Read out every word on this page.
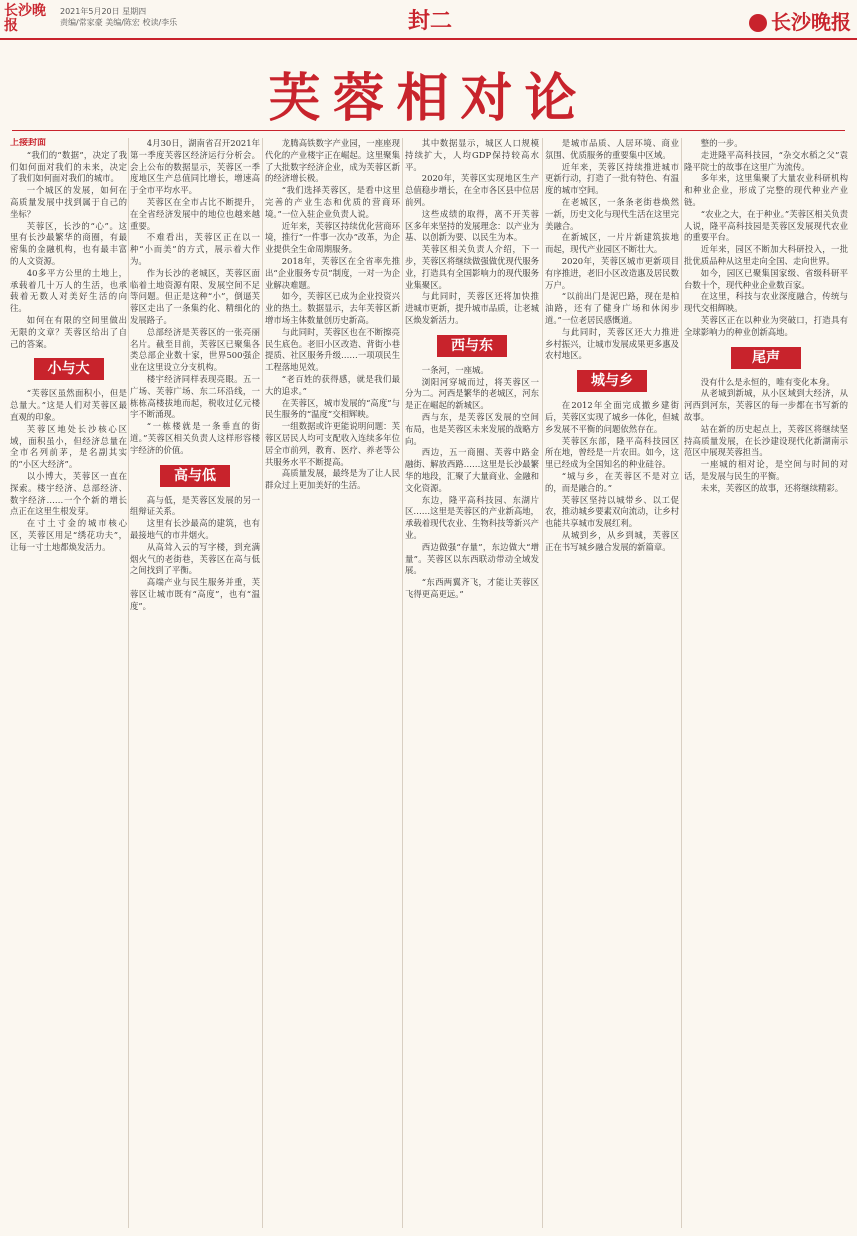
长沙晚报
2021年5月20日 星期四
责编/常家豪 美编/陈宏 校读/李乐	封二	长沙晚报
芙蓉相对论
上接封面

“我们的“数据”，决定了我们如何面对我们的未来，决定了我们如何面对我们的城市。

一个城区的发展，如何在高质量发展中找到属于自己的坐标？

芙蓉区，长沙的“心”。这里有长沙最繁华的商圈，有最密集的金融机构，也有最丰富的人文资源。

40多平方公里的土地上，承载着几十万人的生活，也承载着无数人对美好生活的向往。

如何在有限的空间里做出无限的文章？芙蓉区给出了自己的答案。

小与大

“芙蓉区虽然面积小，但是总量大。”这是人们对芙蓉区最直观的印象。

芙蓉区地处长沙核心区域，面积虽小，但经济总量在全市名列前茅，是名副其实的“小区大经济”。

以小博大，芙蓉区一直在探索。楼宇经济、总部经济、数字经济……一个个新的增长点正在这里生根发芽。

在寸土寸金的城市核心区，芙蓉区用足“绣花功夫”，让每一寸土地都焕发活力。

4月30日，湖南省召开2021年第一季度芙蓉区经济运行分析会。会上公布的数据显示，芙蓉区一季度地区生产总值同比增长，增速高于全市平均水平。

芙蓉区在全市占比不断提升，在全省经济发展中的地位也越来越重要。

不难看出，芙蓉区正在以一种“小而美”的方式，展示着大作为。

作为长沙的老城区，芙蓉区面临着土地资源有限、发展空间不足等问题。但正是这种“小”，倒逼芙蓉区走出了一条集约化、精细化的发展路子。

总部经济是芙蓉区的一张亮丽名片。截至目前，芙蓉区已聚集各类总部企业数十家，世界500强企业在这里设立分支机构。

楼宇经济同样表现亮眼。五一广场、芙蓉广场、东二环沿线，一栋栋高楼拔地而起，税收过亿元楼宇不断涌现。

“一栋楼就是一条垂直的街道。”芙蓉区相关负责人这样形容楼宇经济的价值。

高与低

高与低，是芙蓉区发展的另一组辩证关系。

这里有长沙最高的建筑，也有最接地气的市井烟火。

从高耸入云的写字楼，到充满烟火气的老街巷，芙蓉区在高与低之间找到了平衡。

高端产业与民生服务并重，芙蓉区让城市既有“高度”，也有“温度”。

龙腾高铁数字产业园，一座座现代化的产业楼宇正在崛起。这里聚集了大批数字经济企业，成为芙蓉区新的经济增长极。

“我们选择芙蓉区，是看中这里完善的产业生态和优质的营商环境。”一位入驻企业负责人说。

近年来，芙蓉区持续优化营商环境，推行“一件事一次办”改革，为企业提供全生命周期服务。

2018年，芙蓉区在全省率先推出“企业服务专员”制度，一对一为企业解决难题。

如今，芙蓉区已成为企业投资兴业的热土。数据显示，去年芙蓉区新增市场主体数量创历史新高。

与此同时，芙蓉区也在不断擦亮民生底色。老旧小区改造、背街小巷提质、社区服务升级……一项项民生工程落地见效。

“老百姓的获得感，就是我们最大的追求。”

在芙蓉区，城市发展的“高度”与民生服务的“温度”交相辉映。

一组数据或许更能说明问题：芙蓉区居民人均可支配收入连续多年位居全市前列，教育、医疗、养老等公共服务水平不断提高。

高质量发展，最终是为了让人民群众过上更加美好的生活。

其中数据显示，城区人口规模持续扩大，人均GDP保持较高水平。

2020年，芙蓉区实现地区生产总值稳步增长，在全市各区县中位居前列。

这些成绩的取得，离不开芙蓉区多年来坚持的发展理念：以产业为基、以创新为要、以民生为本。

芙蓉区相关负责人介绍，下一步，芙蓉区将继续做强做优现代服务业，打造具有全国影响力的现代服务业集聚区。

与此同时，芙蓉区还将加快推进城市更新，提升城市品质，让老城区焕发新活力。

西与东

一条河，一座城。

浏阳河穿城而过，将芙蓉区一分为二。河西是繁华的老城区，河东是正在崛起的新城区。

西与东，是芙蓉区发展的空间布局，也是芙蓉区未来发展的战略方向。

西边，五一商圈、芙蓉中路金融街、解放西路……这里是长沙最繁华的地段，汇聚了大量商业、金融和文化资源。

东边，隆平高科技园、东湖片区……这里是芙蓉区的产业新高地，承载着现代农业、生物科技等新兴产业。

西边做强“存量”，东边做大“增量”。芙蓉区以东西联动带动全域发展。

“东西两翼齐飞，才能让芙蓉区飞得更高更远。”

是城市品质、人居环境、商业氛围、优质服务的重要集中区域。

近年来，芙蓉区持续推进城市更新行动，打造了一批有特色、有温度的城市空间。

在老城区，一条条老街巷焕然一新，历史文化与现代生活在这里完美融合。

在新城区，一片片新建筑拔地而起，现代产业园区不断壮大。

2020年，芙蓉区城市更新项目有序推进，老旧小区改造惠及居民数万户。

“以前出门是泥巴路，现在是柏油路，还有了健身广场和休闲步道。”一位老居民感慨道。

与此同时，芙蓉区还大力推进乡村振兴，让城市发展成果更多惠及农村地区。

城与乡

在2012年全面完成撤乡建街后，芙蓉区实现了城乡一体化，但城乡发展不平衡的问题依然存在。

芙蓉区东部，隆平高科技园区所在地，曾经是一片农田。如今，这里已经成为全国知名的种业硅谷。

“城与乡，在芙蓉区不是对立的，而是融合的。”

芙蓉区坚持以城带乡、以工促农，推动城乡要素双向流动，让乡村也能共享城市发展红利。

从城到乡，从乡到城，芙蓉区正在书写城乡融合发展的新篇章。

整的一步。

走进隆平高科技园，“杂交水稻之父”袁隆平院士的故事在这里广为流传。

多年来，这里集聚了大量农业科研机构和种业企业，形成了完整的现代种业产业链。

“农业之大，在于种业。”芙蓉区相关负责人说，隆平高科技园是芙蓉区发展现代农业的重要平台。

近年来，园区不断加大科研投入，一批批优质品种从这里走向全国、走向世界。

如今，园区已聚集国家级、省级科研平台数十个，现代种业企业数百家。

在这里，科技与农业深度融合，传统与现代交相辉映。

芙蓉区正在以种业为突破口，打造具有全球影响力的种业创新高地。

尾声

没有什么是永恒的，唯有变化本身。

从老城到新城，从小区域到大经济，从河西到河东，芙蓉区的每一步都在书写新的故事。

站在新的历史起点上，芙蓉区将继续坚持高质量发展，在长沙建设现代化新湖南示范区中展现芙蓉担当。

一座城的相对论，是空间与时间的对话，是发展与民生的平衡。

未来，芙蓉区的故事，还将继续精彩。
